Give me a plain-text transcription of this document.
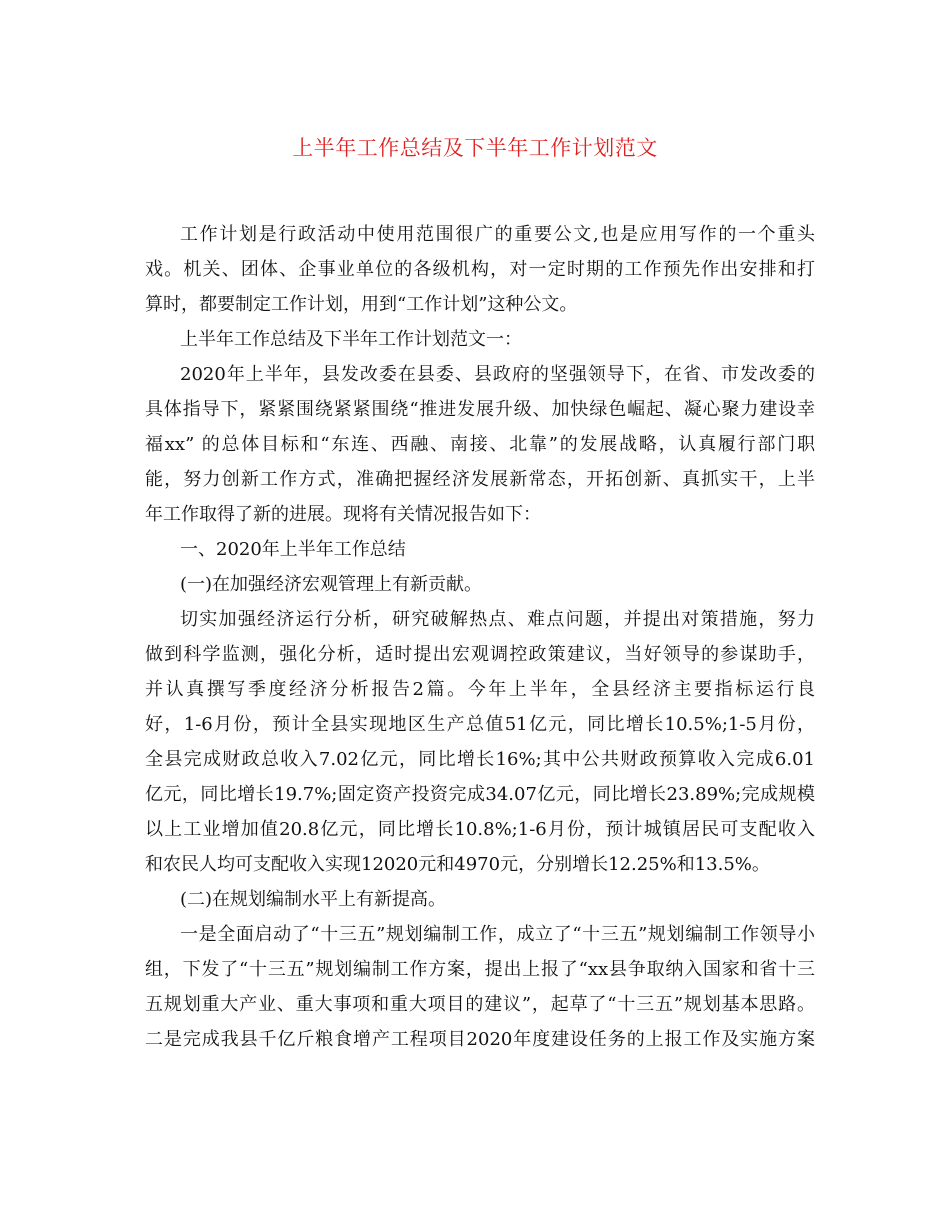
上半年工作总结及下半年工作计划范文
工作计划是行政活动中使用范围很广的重要公文,也是应用写作的一个重头
戏。机关、团体、企事业单位的各级机构，对一定时期的工作预先作出安排和打
算时，都要制定工作计划，用到“工作计划”这种公文。
上半年工作总结及下半年工作计划范文一：
2020年上半年，县发改委在县委、县政府的坚强领导下，在省、市发改委的
具体指导下，紧紧围绕紧紧围绕“推进发展升级、加快绿色崛起、凝心聚力建设幸
福xx” 的总体目标和“东连、西融、南接、北靠”的发展战略，认真履行部门职
能，努力创新工作方式，准确把握经济发展新常态，开拓创新、真抓实干，上半
年工作取得了新的进展。现将有关情况报告如下：
一、2020年上半年工作总结
(一)在加强经济宏观管理上有新贡献。
切实加强经济运行分析，研究破解热点、难点问题，并提出对策措施，努力
做到科学监测，强化分析，适时提出宏观调控政策建议，当好领导的参谋助手，
并认真撰写季度经济分析报告2篇。今年上半年，全县经济主要指标运行良
好，1-6月份，预计全县实现地区生产总值51亿元，同比增长10.5%;1-5月份，
全县完成财政总收入7.02亿元，同比增长16%;其中公共财政预算收入完成6.01
亿元，同比增长19.7%;固定资产投资完成34.07亿元，同比增长23.89%;完成规模
以上工业增加值20.8亿元，同比增长10.8%;1-6月份，预计城镇居民可支配收入
和农民人均可支配收入实现12020元和4970元，分别增长12.25%和13.5%。
(二)在规划编制水平上有新提高。
一是全面启动了“十三五”规划编制工作，成立了“十三五”规划编制工作领导小
组，下发了“十三五”规划编制工作方案，提出上报了“xx县争取纳入国家和省十三
五规划重大产业、重大事项和重大项目的建议”，起草了“十三五”规划基本思路。
二是完成我县千亿斤粮食增产工程项目2020年度建设任务的上报工作及实施方案
